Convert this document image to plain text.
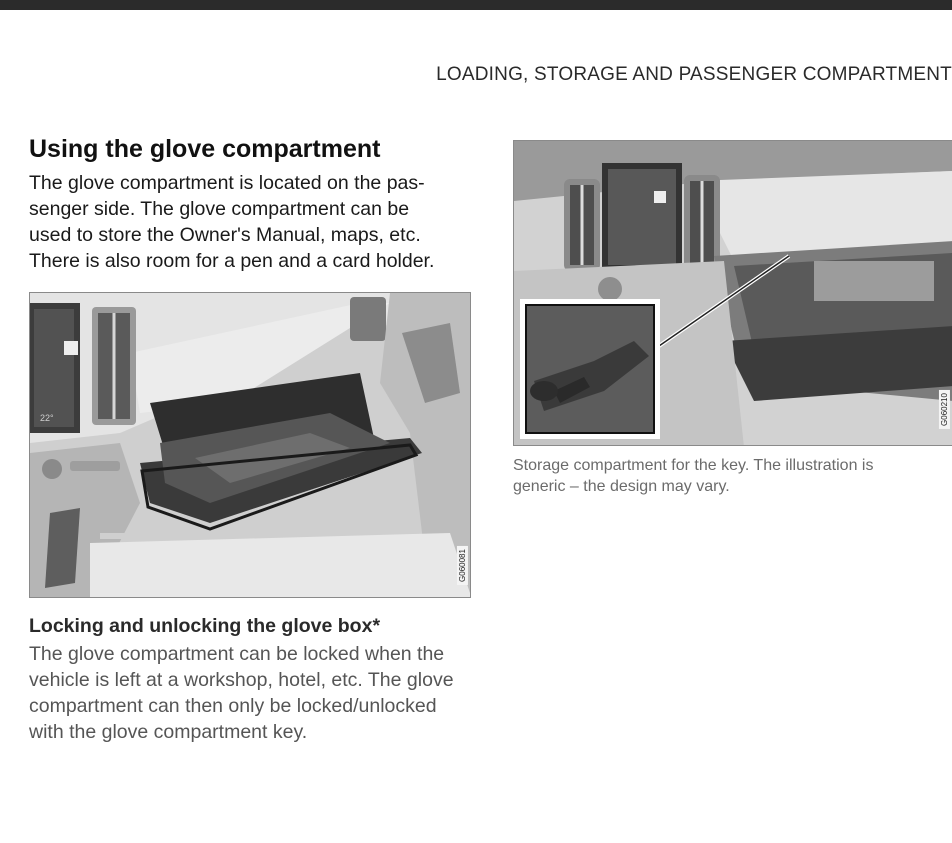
LOADING, STORAGE AND PASSENGER COMPARTMENT
Using the glove compartment
The glove compartment is located on the pas-
senger side. The glove compartment can be
used to store the Owner's Manual, maps, etc.
There is also room for a pen and a card holder.
22°
G060081
G060210
Storage compartment for the key. The illustration is
generic – the design may vary.
Locking and unlocking the glove box*
The glove compartment can be locked when the
vehicle is left at a workshop, hotel, etc. The glove
compartment can then only be locked/unlocked
with the glove compartment key.
